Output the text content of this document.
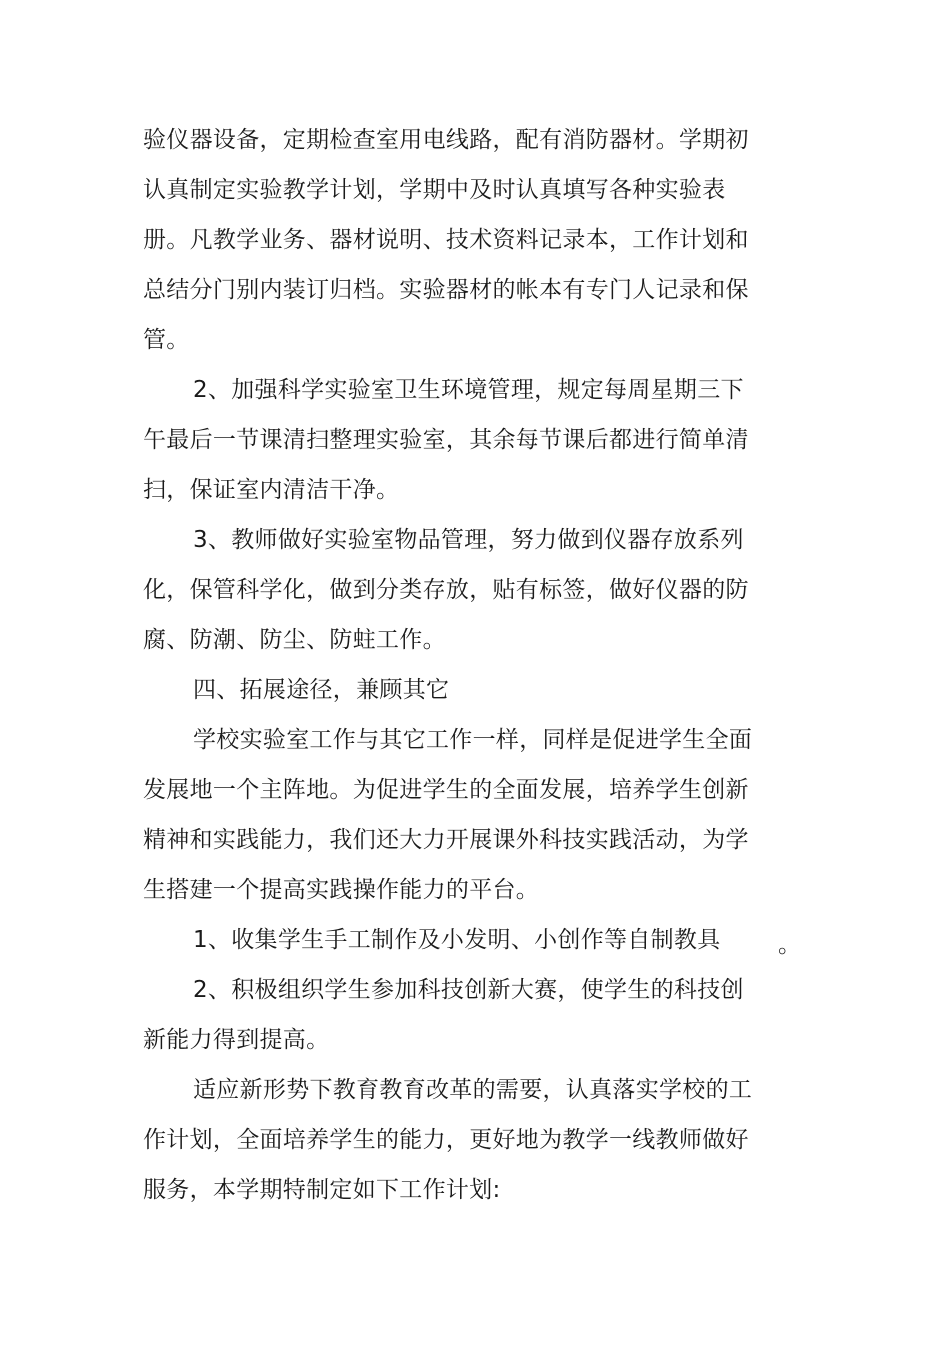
验仪器设备，定期检查室用电线路，配有消防器材。学期初
认真制定实验教学计划，学期中及时认真填写各种实验表
册。凡教学业务、器材说明、技术资料记录本，工作计划和
总结分门别内装订归档。实验器材的帐本有专门人记录和保
管。
2、加强科学实验室卫生环境管理，规定每周星期三下
午最后一节课清扫整理实验室，其余每节课后都进行简单清
扫，保证室内清洁干净。
3、教师做好实验室物品管理，努力做到仪器存放系列
化，保管科学化，做到分类存放，贴有标签，做好仪器的防
腐、防潮、防尘、防蛀工作。
四、拓展途径，兼顾其它
学校实验室工作与其它工作一样，同样是促进学生全面
发展地一个主阵地。为促进学生的全面发展，培养学生创新
精神和实践能力，我们还大力开展课外科技实践活动，为学
生搭建一个提高实践操作能力的平台。
1、收集学生手工制作及小发明、小创作等自制教具 。
2、积极组织学生参加科技创新大赛，使学生的科技创
新能力得到提高。
适应新形势下教育教育改革的需要，认真落实学校的工
作计划，全面培养学生的能力，更好地为教学一线教师做好
服务，本学期特制定如下工作计划:
